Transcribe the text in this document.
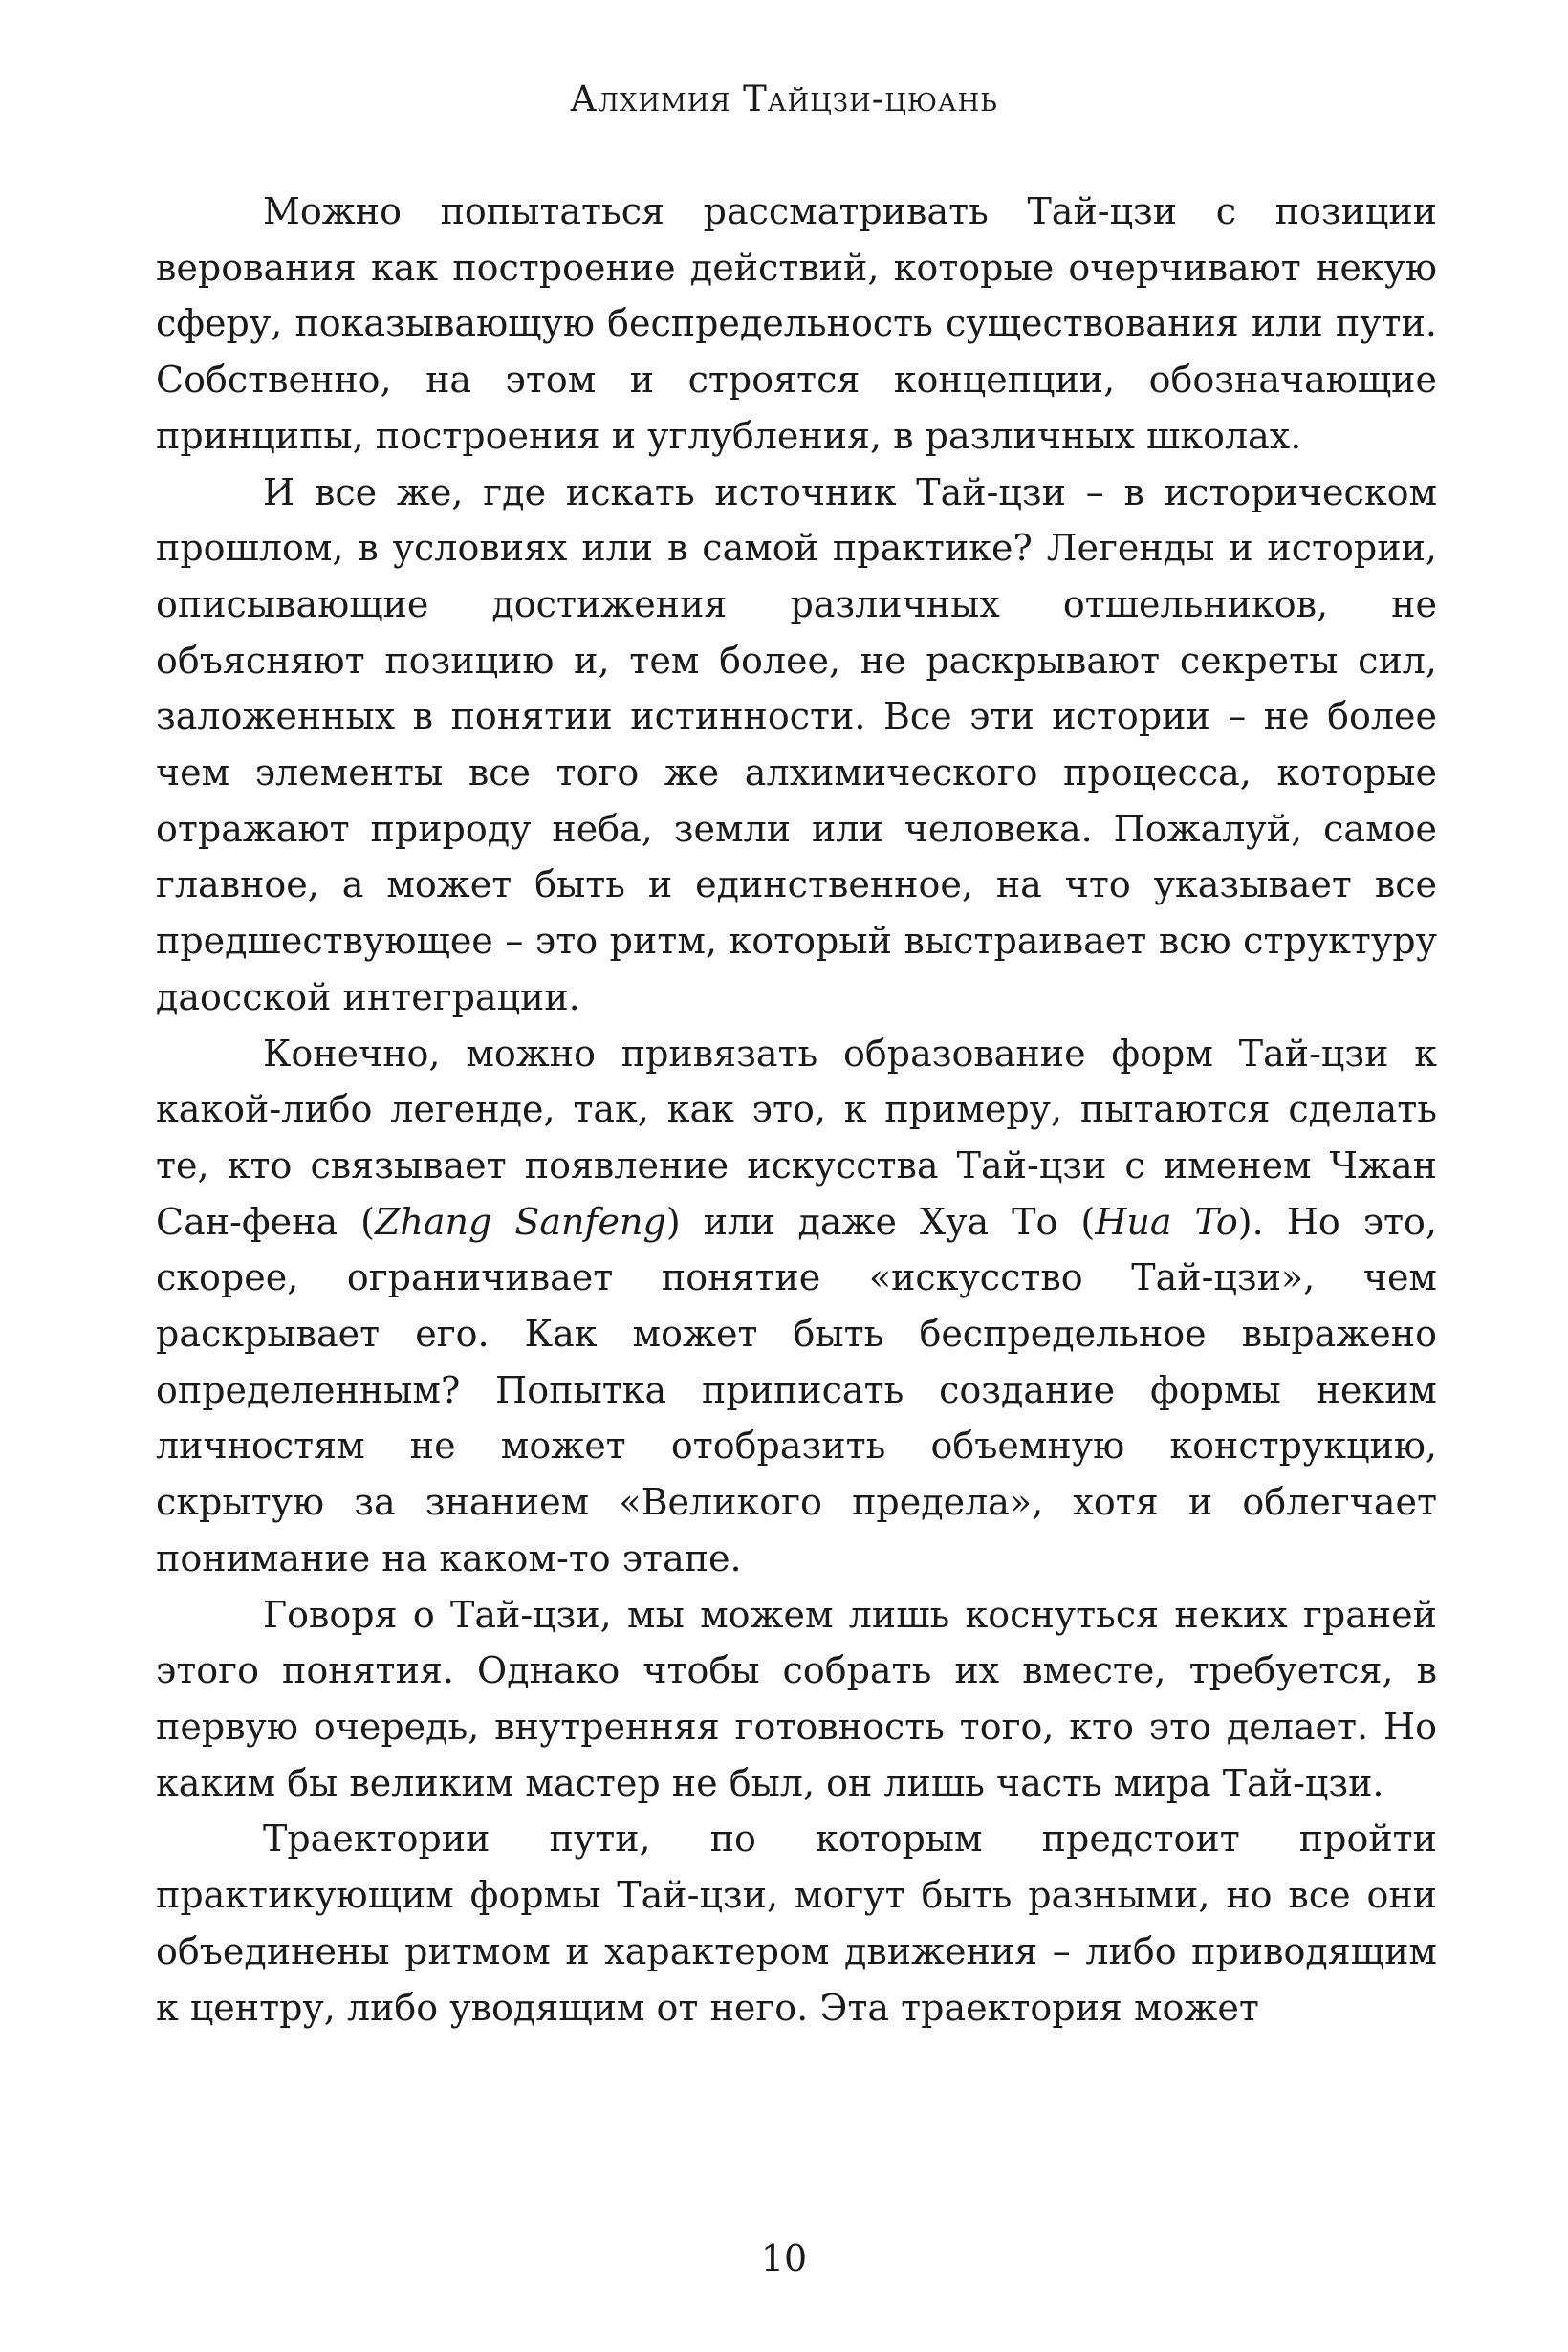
Алхимия Тайцзи-цюань

Можно попытаться рассматривать Тай-цзи с позиции верования как построение действий, которые очерчивают некую сферу, показывающую беспредельность существования или пути. Собственно, на этом и строятся концепции, обозначающие принципы, построения и углубления, в различных школах.

И все же, где искать источник Тай-цзи – в историческом прошлом, в условиях или в самой практике? Легенды и истории, описывающие достижения различных отшельников, не объясняют позицию и, тем более, не раскрывают секреты сил, заложенных в понятии истинности. Все эти истории – не более чем элементы все того же алхимического процесса, которые отражают природу неба, земли или человека. Пожалуй, самое главное, а может быть и единственное, на что указывает все предшествующее – это ритм, который выстраивает всю структуру даосской интеграции.

Конечно, можно привязать образование форм Тай-цзи к какой-либо легенде, так, как это, к примеру, пытаются сделать те, кто связывает появление искусства Тай-цзи с именем Чжан Сан-фена (Zhang Sanfeng) или даже Хуа То (Hua To). Но это, скорее, ограничивает понятие «искусство Тай-цзи», чем раскрывает его. Как может быть беспредельное выражено определенным? Попытка приписать создание формы неким личностям не может отобразить объемную конструкцию, скрытую за знанием «Великого предела», хотя и облегчает понимание на каком-то этапе.

Говоря о Тай-цзи, мы можем лишь коснуться неких граней этого понятия. Однако чтобы собрать их вместе, требуется, в первую очередь, внутренняя готовность того, кто это делает. Но каким бы великим мастер не был, он лишь часть мира Тай-цзи.

Траектории пути, по которым предстоит пройти практикующим формы Тай-цзи, могут быть разными, но все они объединены ритмом и характером движения – либо приводящим к центру, либо уводящим от него. Эта траектория может

10
